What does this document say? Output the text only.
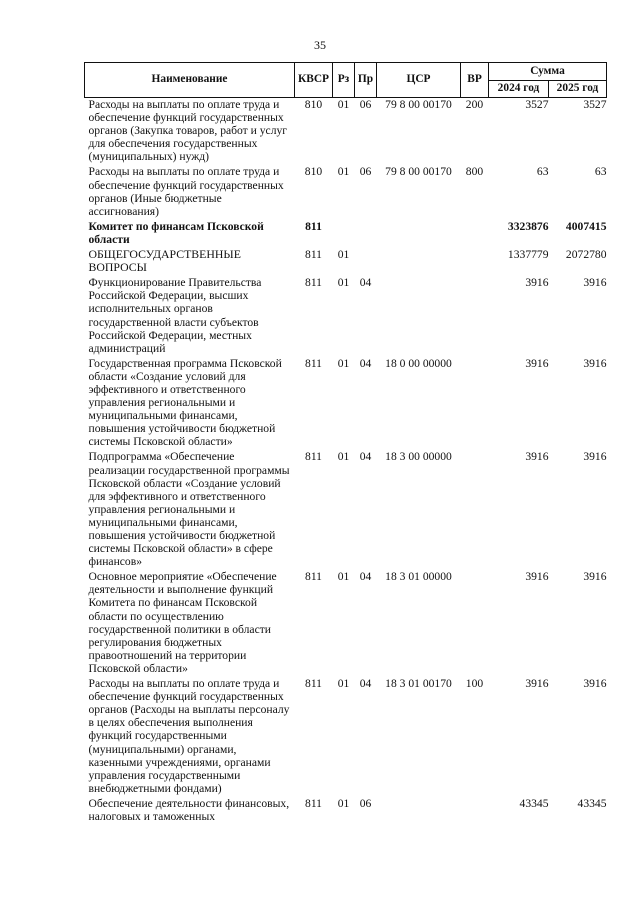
35
Наименование	КВСР	Рз	Пр	ЦСР	ВР	Сумма	
						2024 год	2025 год
Расходы на выплаты по оплате труда и обеспечение функций государственных органов (Закупка товаров, работ и услуг для обеспечения государственных (муниципальных) нужд)	810	01	06	79 8 00 00170	200	3527	3527
Расходы на выплаты по оплате труда и обеспечение функций государственных органов (Иные бюджетные ассигнования)	810	01	06	79 8 00 00170	800	63	63
Комитет по финансам Псковской области	811					3323876	4007415
ОБЩЕГОСУДАРСТВЕННЫЕ ВОПРОСЫ	811	01				1337779	2072780
Функционирование Правительства Российской Федерации, высших исполнительных органов государственной власти субъектов Российской Федерации, местных администраций	811	01	04			3916	3916
Государственная программа Псковской области «Создание условий для эффективного и ответственного управления региональными и муниципальными финансами, повышения устойчивости бюджетной системы Псковской области»	811	01	04	18 0 00 00000		3916	3916
Подпрограмма «Обеспечение реализации государственной программы Псковской области «Создание условий для эффективного и ответственного управления региональными и муниципальными финансами, повышения устойчивости бюджетной системы Псковской области» в сфере финансов»	811	01	04	18 3 00 00000		3916	3916
Основное мероприятие «Обеспечение деятельности и выполнение функций Комитета по финансам Псковской области по осуществлению государственной политики в области регулирования бюджетных правоотношений на территории Псковской области»	811	01	04	18 3 01 00000		3916	3916
Расходы на выплаты по оплате труда и обеспечение функций государственных органов (Расходы на выплаты персоналу в целях обеспечения выполнения функций государственными (муниципальными) органами, казенными учреждениями, органами управления государственными внебюджетными фондами)	811	01	04	18 3 01 00170	100	3916	3916
Обеспечение деятельности финансовых, налоговых и таможенных	811	01	06			43345	43345
